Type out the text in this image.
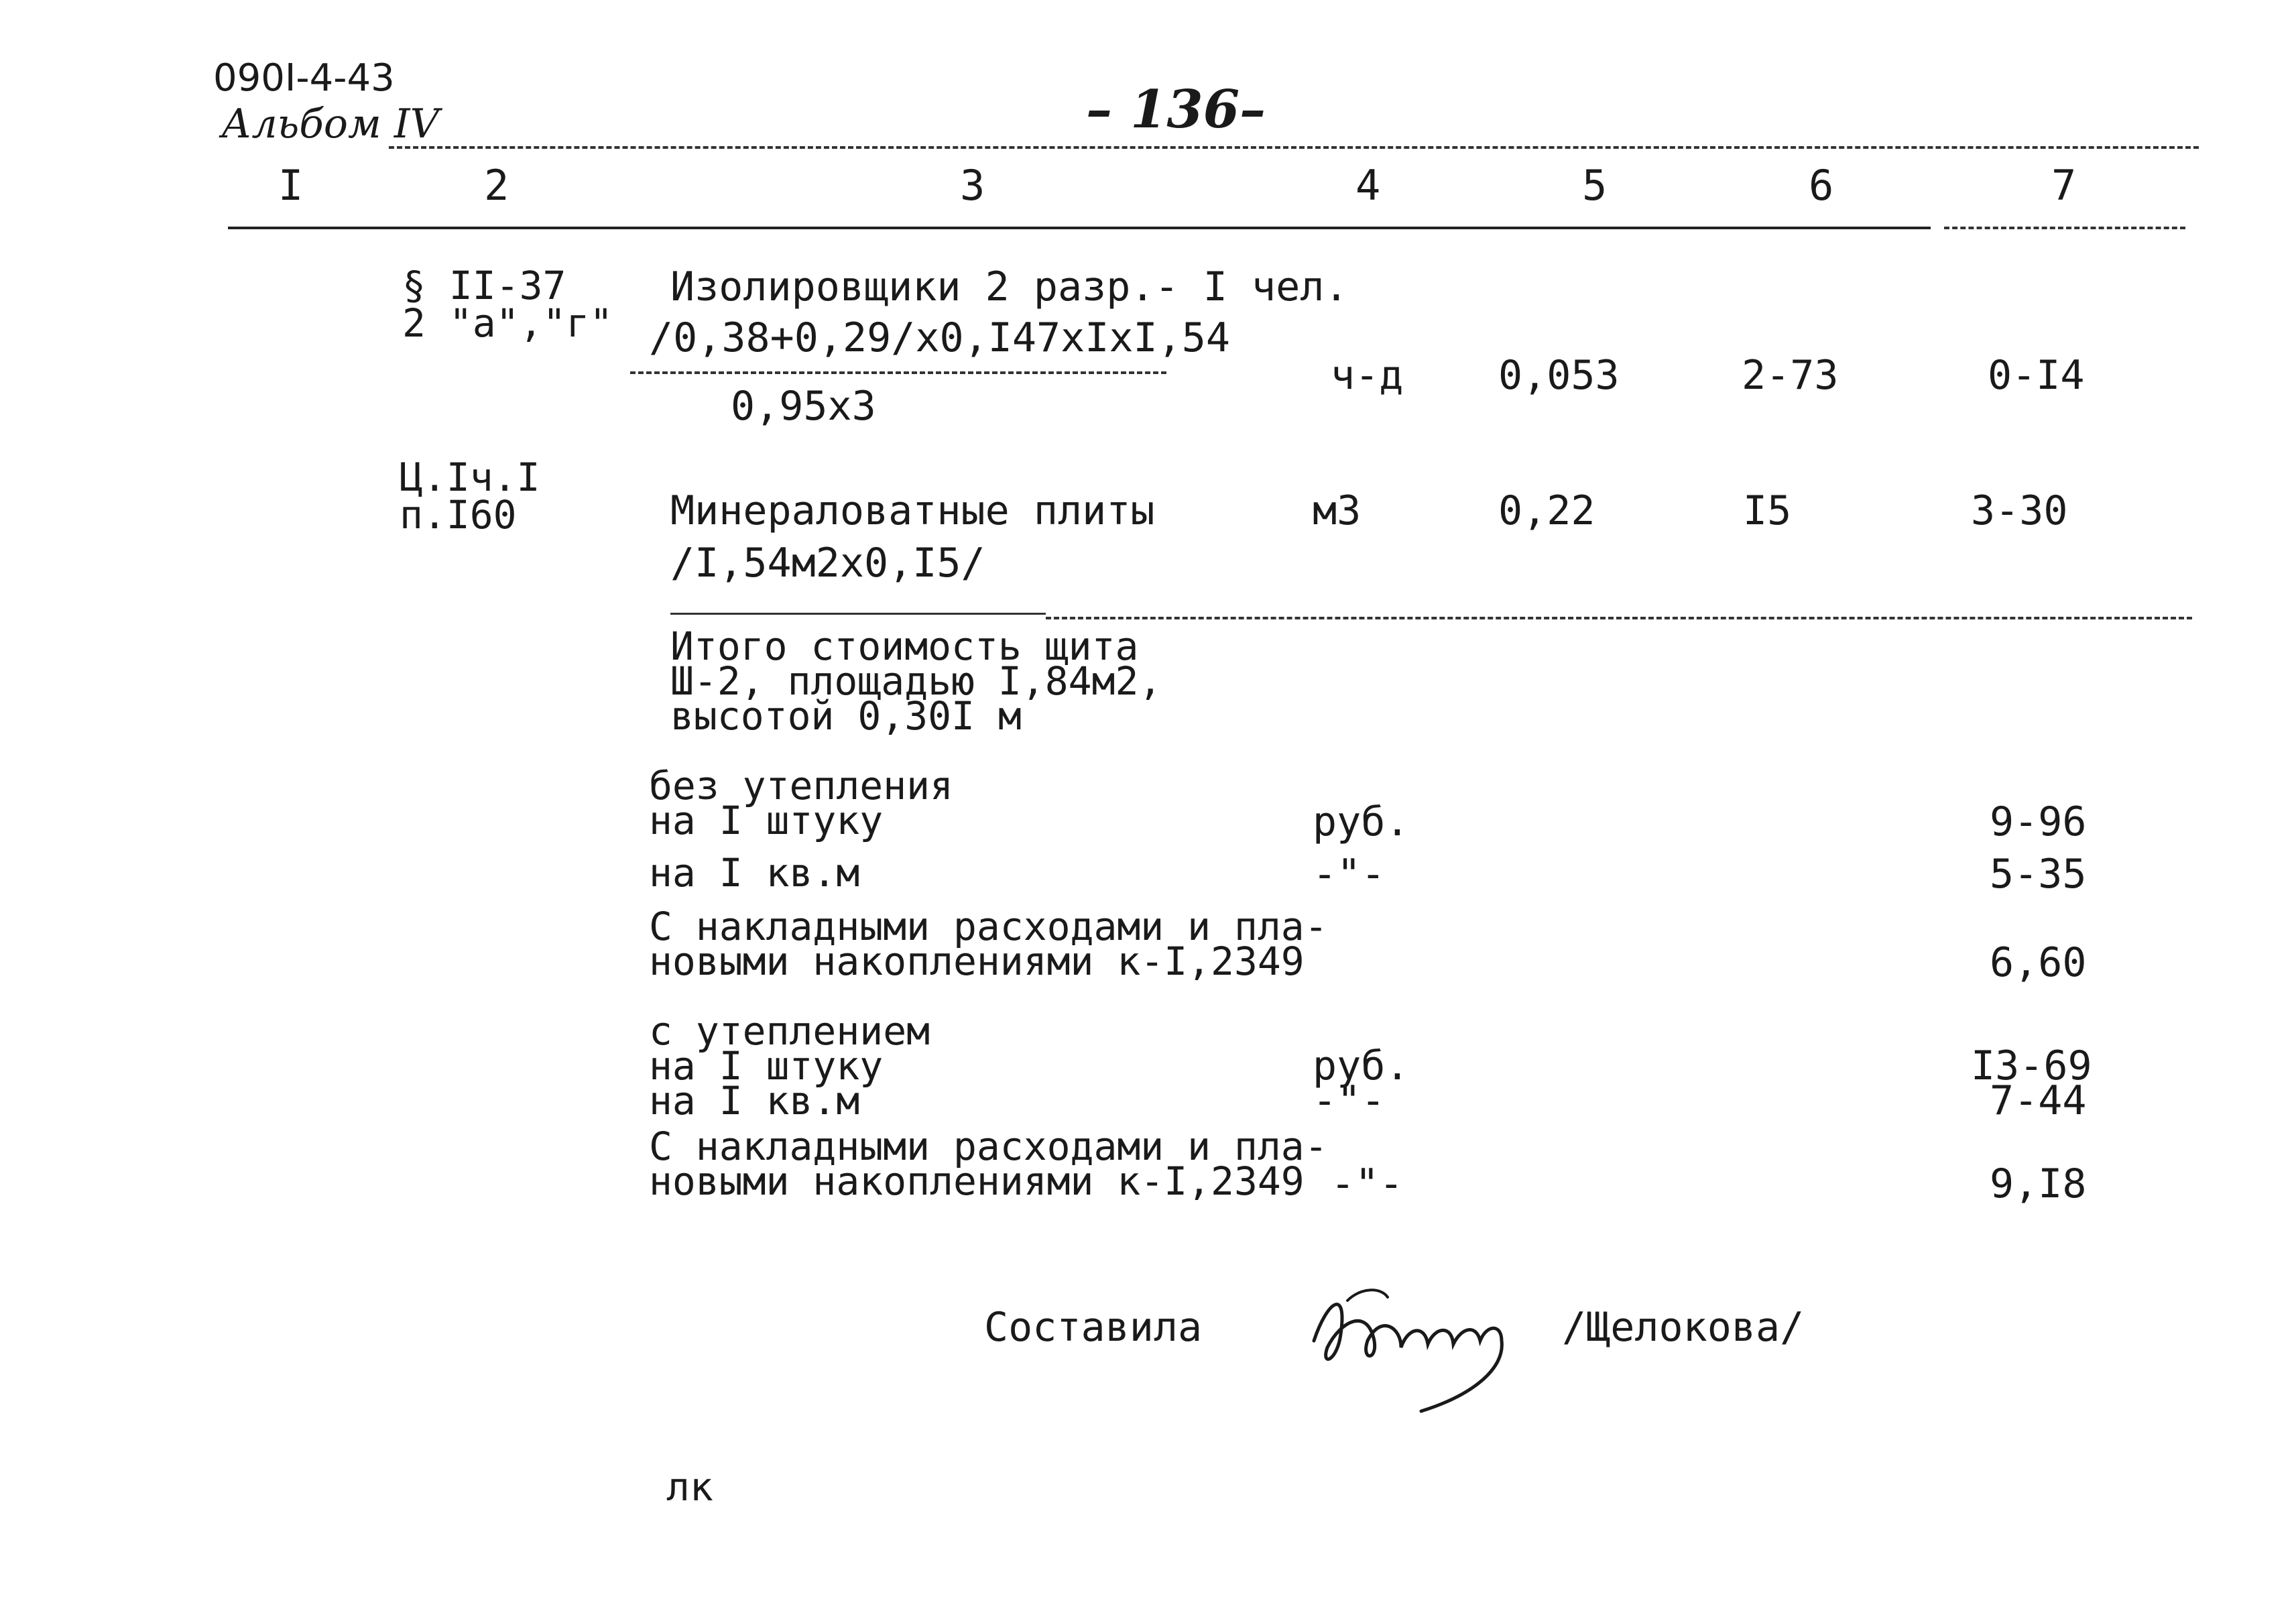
090I-4-43
Альбом IV	– 136–
I	2	3	4	5	6	7
§ II-37
2 "а","г"
Изолировщики 2 разр.- I чел.
/0,38+0,29/х0,I47хIхI,54
0,95х3
ч-д 0,053	2-73	0-I4
Ц.Iч.I
п.I60	Минераловатные плиты
/I,54м2х0,I5/
м3	0,22	I5	3-30
Итого стоимость щита
Ш-2, площадью I,84м2,
высотой 0,30I м
без утепления
на I штуку	руб.	9-96
на I кв.м	-"-	5-35
С накладными расходами и пла-
новыми накоплениями к-I,2349	6,60
с утеплением
на I штуку	руб.	I3-69
на I кв.м	-"-	7-44
С накладными расходами и пла-
новыми накоплениями к-I,2349 -"-	9,I8
Составила	/Щелокова/
лк
